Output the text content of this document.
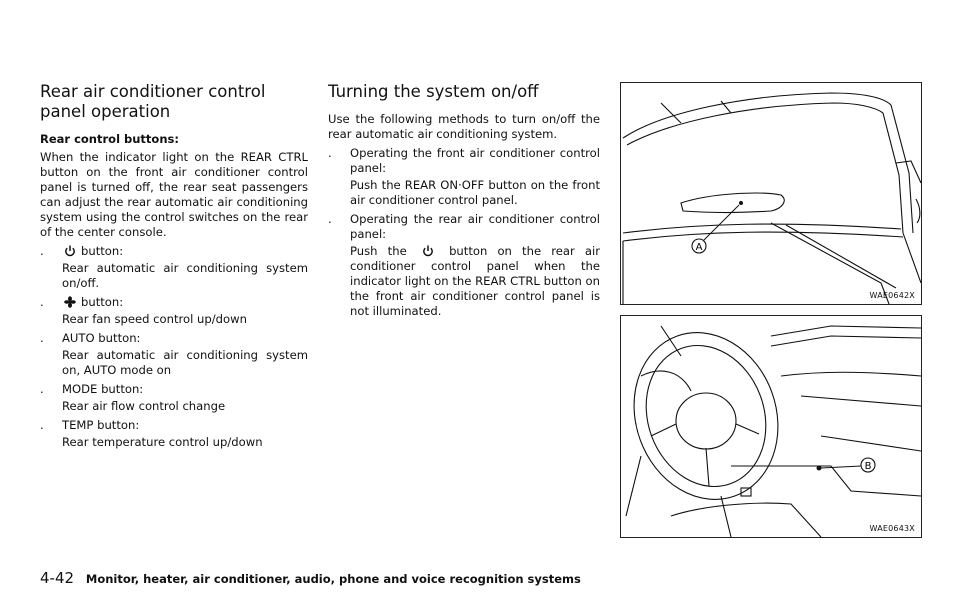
Rear air conditioner control panel operation
Rear control buttons:

When the indicator light on the REAR CTRL button on the front air conditioner control panel is turned off, the rear seat passengers can adjust the rear automatic air conditioning system using the control switches on the rear of the center console.

.	button:
Rear automatic air conditioning system on/off.
.	button:
Rear fan speed control up/down
. AUTO button:
Rear automatic air conditioning system on, AUTO mode on
. MODE button:
Rear air flow control change
. TEMP button:
Rear temperature control up/down
Turning the system on/off

Use the following methods to turn on/off the rear automatic air conditioning system.

. Operating the front air conditioner control panel:
Push the REAR ON·OFF button on the front air conditioner control panel.
. Operating the rear air conditioner control panel:
Push the	button on the rear air conditioner control panel when the indicator light on the REAR CTRL button on the front air conditioner control panel is not illuminated.
A
WAE0642X
B
WAE0643X
4-42 Monitor, heater, air conditioner, audio, phone and voice recognition systems
